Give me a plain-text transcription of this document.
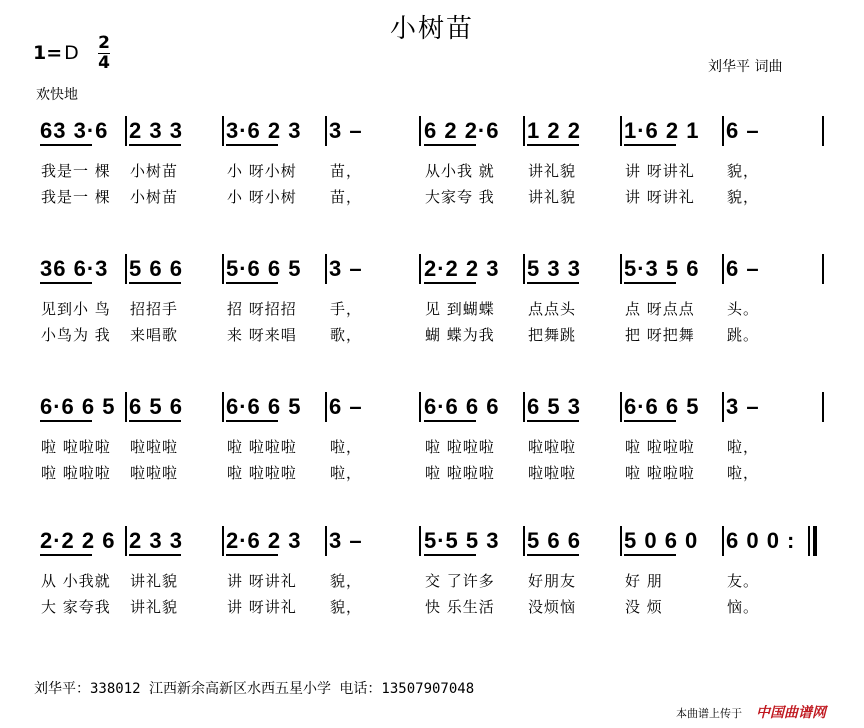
小树苗
1= D 2
4	刘华平 词曲
欢快地
63 3·6
我是一 棵
我是一 棵
2 3 3
小树苗
小树苗
3·6 2 3
小 呀小树
小 呀小树
3 –
苗，
苗，
6 2 2·6
从小我 就
大家夸 我
1 2 2
讲礼貌
讲礼貌
1·6 2 1
讲 呀讲礼
讲 呀讲礼
6 –
貌，
貌，
36 6·3
见到小 鸟
小鸟为 我
5 6 6
招招手
来唱歌
5·6 6 5
招 呀招招
来 呀来唱
3 –
手，
歌，
2·2 2 3
见 到蝴蝶
蝴 蝶为我
5 3 3
点点头
把舞跳
5·3 5 6
点 呀点点
把 呀把舞
6 –
头。
跳。
6·6 6 5
啦 啦啦啦
啦 啦啦啦
6 5 6
啦啦啦
啦啦啦
6·6 6 5
啦 啦啦啦
啦 啦啦啦
6 –
啦，
啦，
6·6 6 6
啦 啦啦啦
啦 啦啦啦
6 5 3
啦啦啦
啦啦啦
6·6 6 5
啦 啦啦啦
啦 啦啦啦
3 –
啦，
啦，
2·2 2 6
从 小我就
大 家夸我
2 3 3
讲礼貌
讲礼貌
2·6 2 3
讲 呀讲礼
讲 呀讲礼
3 –
貌，
貌，
5·5 5 3
交 了许多
快 乐生活
5 6 6
好朋友
没烦恼
5 0 6 0
好 朋
没 烦
6 0 0 :
友。
恼。
刘华平：338012 江西新余高新区水西五星小学 电话：13507907048
本曲谱上传于 中国曲谱网
